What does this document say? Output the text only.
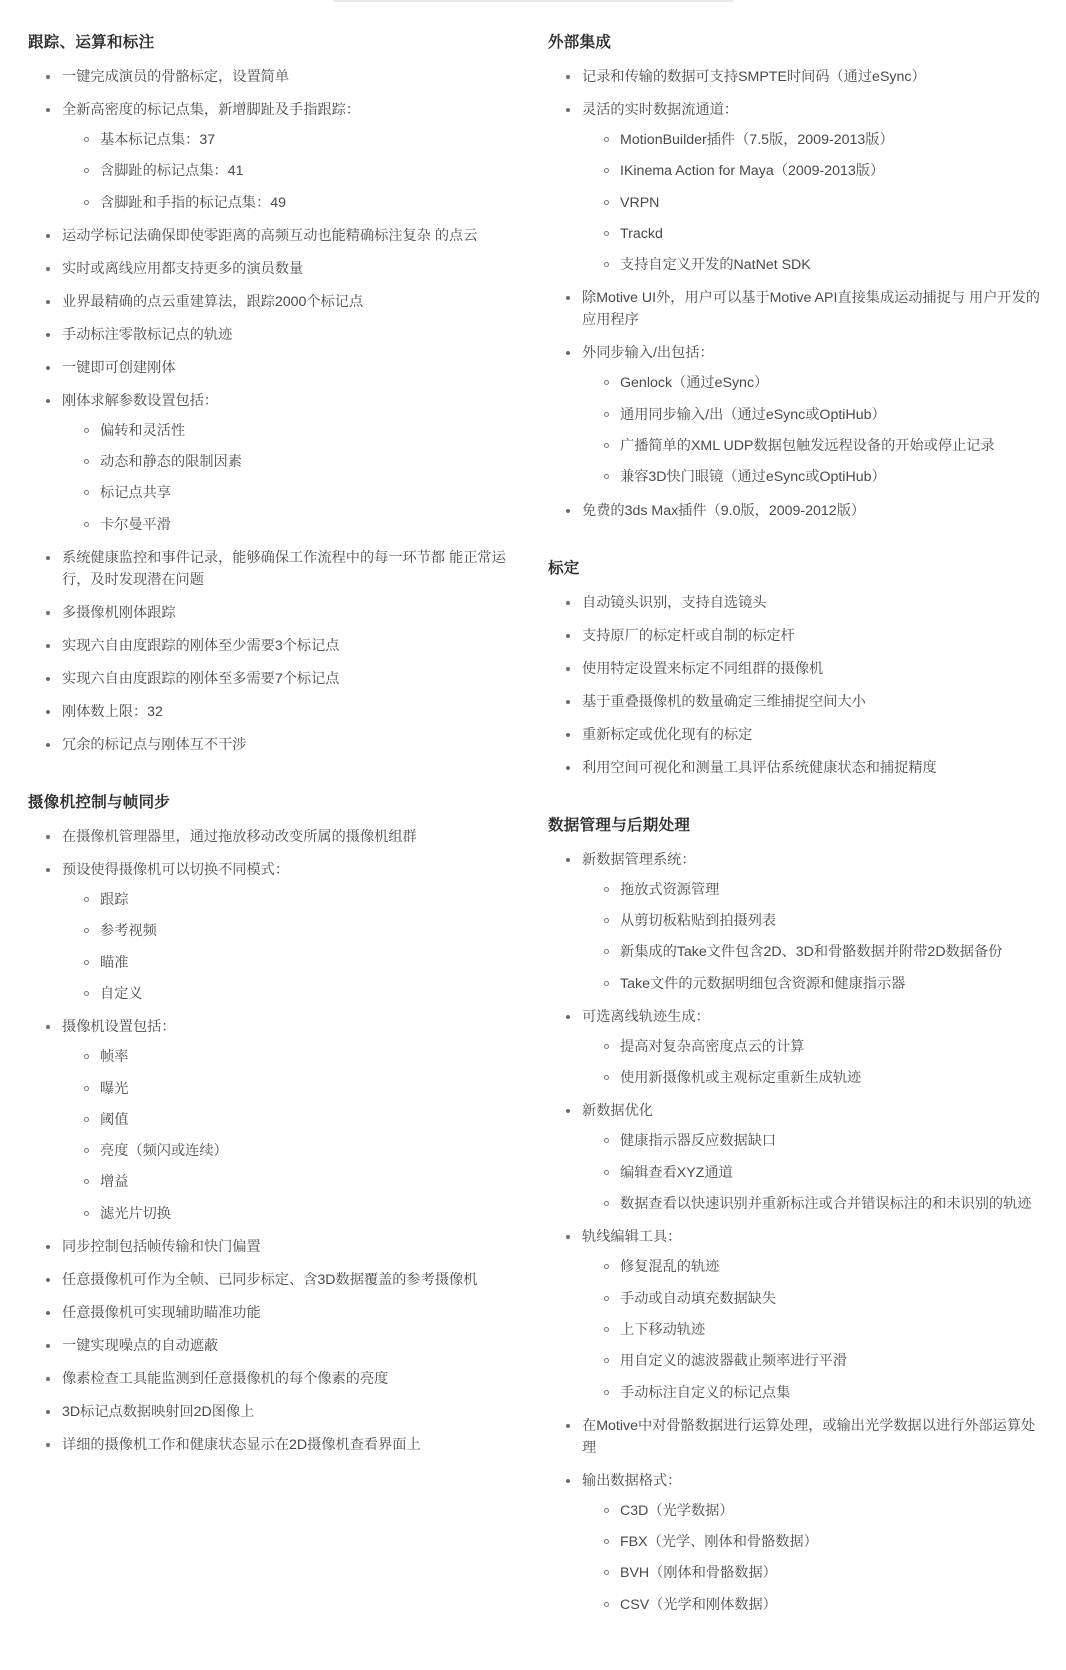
跟踪、运算和标注
一键完成演员的骨骼标定，设置简单
全新高密度的标记点集，新增脚趾及手指跟踪：
基本标记点集：37
含脚趾的标记点集：41
含脚趾和手指的标记点集：49
运动学标记法确保即使零距离的高频互动也能精确标注复杂 的点云
实时或离线应用都支持更多的演员数量
业界最精确的点云重建算法，跟踪2000个标记点
手动标注零散标记点的轨迹
一键即可创建刚体
刚体求解参数设置包括：
偏转和灵活性
动态和静态的限制因素
标记点共享
卡尔曼平滑
系统健康监控和事件记录，能够确保工作流程中的每一环节都 能正常运行，及时发现潜在问题
多摄像机刚体跟踪
实现六自由度跟踪的刚体至少需要3个标记点
实现六自由度跟踪的刚体至多需要7个标记点
刚体数上限：32
冗余的标记点与刚体互不干涉
摄像机控制与帧同步
在摄像机管理器里，通过拖放移动改变所属的摄像机组群
预设使得摄像机可以切换不同模式：
跟踪
参考视频
瞄准
自定义
摄像机设置包括：
帧率
曝光
阈值
亮度（频闪或连续）
增益
滤光片切换
同步控制包括帧传输和快门偏置
任意摄像机可作为全帧、已同步标定、含3D数据覆盖的参考摄像机
任意摄像机可实现辅助瞄准功能
一键实现噪点的自动遮蔽
像素检查工具能监测到任意摄像机的每个像素的亮度
3D标记点数据映射回2D图像上
详细的摄像机工作和健康状态显示在2D摄像机查看界面上
外部集成
记录和传输的数据可支持SMPTE时间码（通过eSync）
灵活的实时数据流通道：
MotionBuilder插件（7.5版，2009-2013版）
IKinema Action for Maya（2009-2013版）
VRPN
Trackd
支持自定义开发的NatNet SDK
除Motive UI外，用户可以基于Motive API直接集成运动捕捉与 用户开发的应用程序
外同步输入/出包括：
Genlock（通过eSync）
通用同步输入/出（通过eSync或OptiHub）
广播简单的XML UDP数据包触发远程设备的开始或停止记录
兼容3D快门眼镜（通过eSync或OptiHub）
免费的3ds Max插件（9.0版，2009-2012版）
标定
自动镜头识别，支持自选镜头
支持原厂的标定杆或自制的标定杆
使用特定设置来标定不同组群的摄像机
基于重叠摄像机的数量确定三维捕捉空间大小
重新标定或优化现有的标定
利用空间可视化和测量工具评估系统健康状态和捕捉精度
数据管理与后期处理
新数据管理系统：
拖放式资源管理
从剪切板粘贴到拍摄列表
新集成的Take文件包含2D、3D和骨骼数据并附带2D数据备份
Take文件的元数据明细包含资源和健康指示器
可选离线轨迹生成：
提高对复杂高密度点云的计算
使用新摄像机或主观标定重新生成轨迹
新数据优化
健康指示器反应数据缺口
编辑查看XYZ通道
数据查看以快速识别并重新标注或合并错误标注的和未识别的轨迹
轨线编辑工具：
修复混乱的轨迹
手动或自动填充数据缺失
上下移动轨迹
用自定义的滤波器截止频率进行平滑
手动标注自定义的标记点集
在Motive中对骨骼数据进行运算处理，或输出光学数据以进行外部运算处理
输出数据格式：
C3D（光学数据）
FBX（光学、刚体和骨骼数据）
BVH（刚体和骨骼数据）
CSV（光学和刚体数据）
